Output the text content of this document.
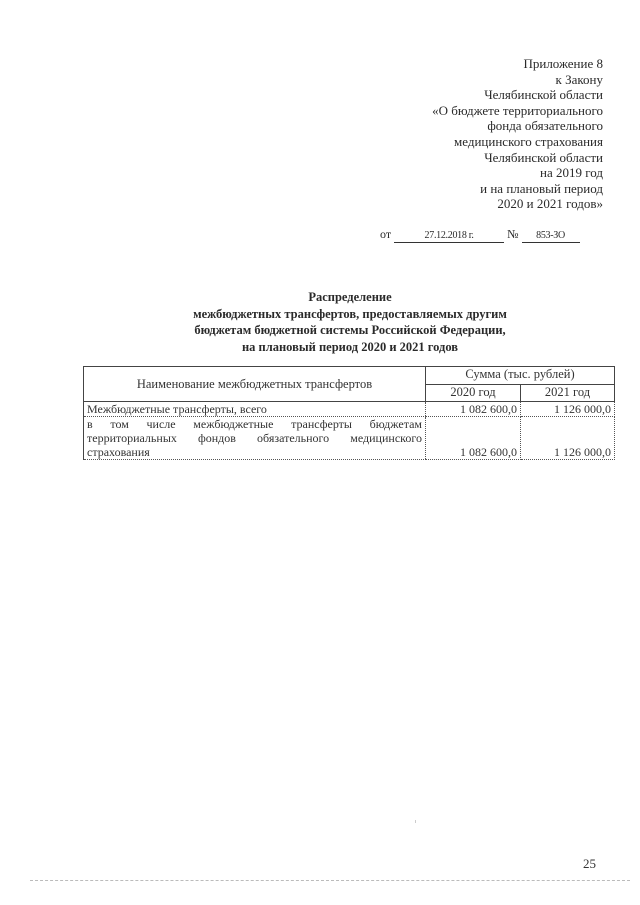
Приложение 8
к Закону
Челябинской области
«О бюджете территориального
фонда обязательного
медицинского страхования
Челябинской области
на 2019 год
и на плановый период
2020 и 2021 годов»
от	27.12.2018 г.	№ 853-ЗО
Распределение
межбюджетных трансфертов, предоставляемых другим
бюджетам бюджетной системы Российской Федерации,
на плановый период 2020 и 2021 годов
Наименование межбюджетных трансфертов	Сумма (тыс. рублей)	
	2020 год	2021 год
Межбюджетные трансферты, всего	1 082 600,0	1 126 000,0
в том числе межбюджетные трансферты бюджетам территориальных фондов обязательного медицинского страхования	1 082 600,0	1 126 000,0
25
